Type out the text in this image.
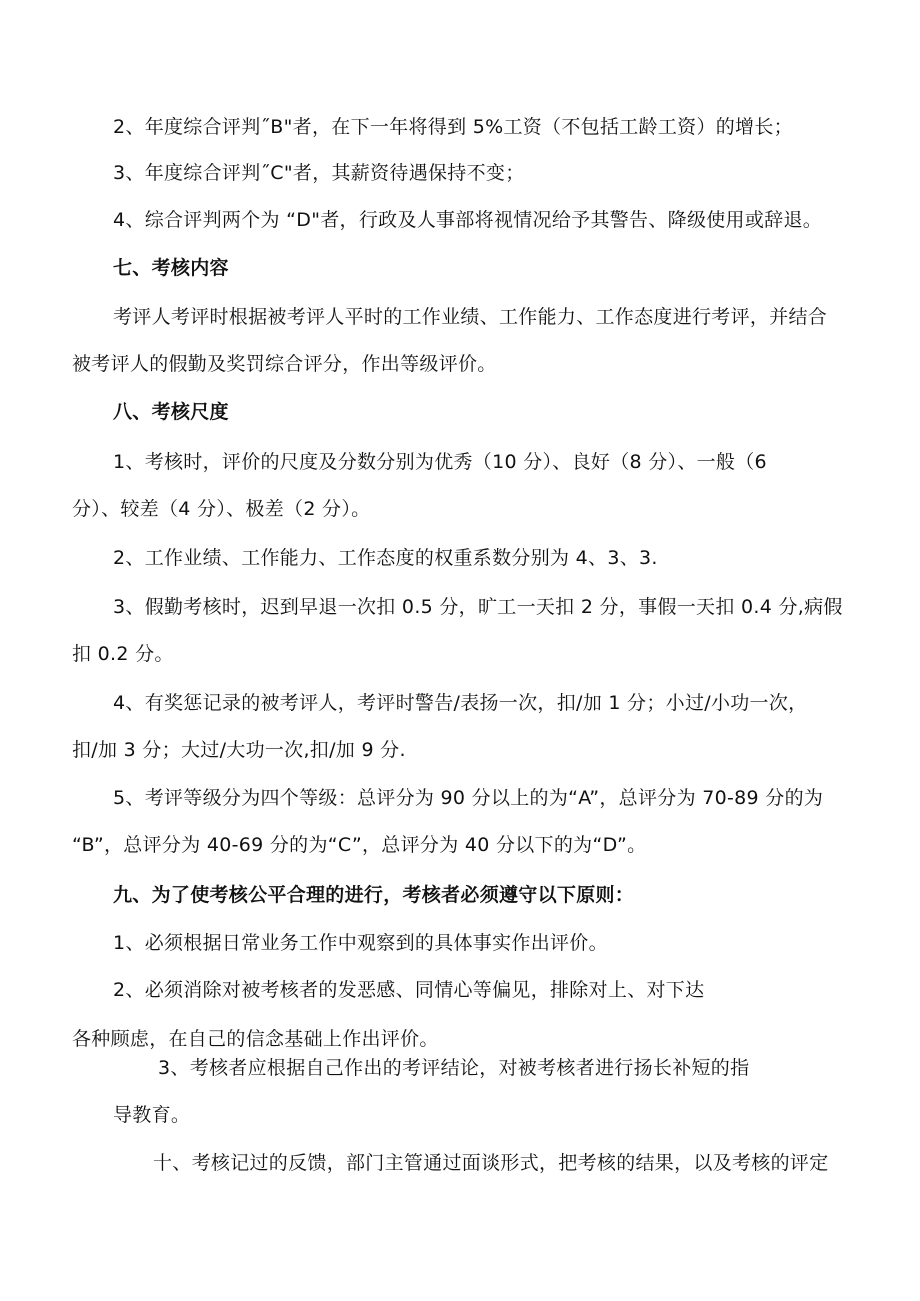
2、年度综合评判˝B"者，在下一年将得到 5%工资（不包括工龄工资）的增长；
3、年度综合评判˝C"者，其薪资待遇保持不变；
4、综合评判两个为 “D"者，行政及人事部将视情况给予其警告、降级使用或辞退。
七、考核内容
考评人考评时根据被考评人平时的工作业绩、工作能力、工作态度进行考评，并结合
被考评人的假勤及奖罚综合评分，作出等级评价。
八、考核尺度
1、考核时，评价的尺度及分数分别为优秀（10 分）、良好（8 分）、一般（6
分）、较差（4 分）、极差（2 分）。
2、工作业绩、工作能力、工作态度的权重系数分别为 4、3、3.
3、假勤考核时，迟到早退一次扣 0.5 分，旷工一天扣 2 分，事假一天扣 0.4 分,病假
扣 0.2 分。
4、有奖惩记录的被考评人，考评时警告/表扬一次，扣/加 1 分；小过/小功一次，
扣/加 3 分；大过/大功一次,扣/加 9 分.
5、考评等级分为四个等级：总评分为 90 分以上的为“A”，总评分为 70-89 分的为
“B”，总评分为 40-69 分的为“C”，总评分为 40 分以下的为“D”。
九、为了使考核公平合理的进行，考核者必须遵守以下原则：
1、必须根据日常业务工作中观察到的具体事实作出评价。
2、必须消除对被考核者的发恶感、同情心等偏见，排除对上、对下达
各种顾虑，在自己的信念基础上作出评价。
3、考核者应根据自己作出的考评结论，对被考核者进行扬长补短的指
导教育。
十、考核记过的反馈，部门主管通过面谈形式，把考核的结果，以及考核的评定
